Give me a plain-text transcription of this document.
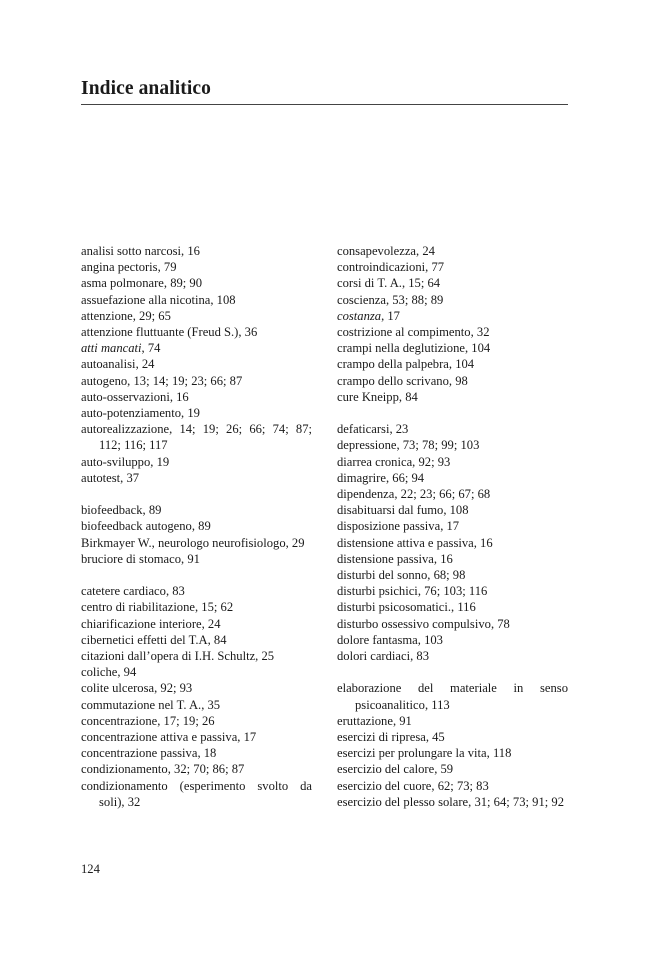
Indice analitico
analisi sotto narcosi, 16
angina pectoris, 79
asma polmonare, 89; 90
assuefazione alla nicotina, 108
attenzione, 29; 65
attenzione fluttuante (Freud S.), 36
atti mancati, 74
autoanalisi, 24
autogeno, 13; 14; 19; 23; 66; 87
auto-osservazioni, 16
auto-potenziamento, 19
autorealizzazione, 14; 19; 26; 66; 74; 87; 112; 116; 117
auto-sviluppo, 19
autotest, 37
biofeedback, 89
biofeedback autogeno, 89
Birkmayer W., neurologo neurofisiologo, 29
bruciore di stomaco, 91
catetere cardiaco, 83
centro di riabilitazione, 15; 62
chiarificazione interiore, 24
cibernetici effetti del T.A, 84
citazioni dall’opera di I.H. Schultz, 25
coliche, 94
colite ulcerosa, 92; 93
commutazione nel T. A., 35
concentrazione, 17; 19; 26
concentrazione attiva e passiva, 17
concentrazione passiva, 18
condizionamento, 32; 70; 86; 87
condizionamento (esperimento svolto da soli), 32
consapevolezza, 24
controindicazioni, 77
corsi di T. A., 15; 64
coscienza, 53; 88; 89
costanza, 17
costrizione al compimento, 32
crampi nella deglutizione, 104
crampo della palpebra, 104
crampo dello scrivano, 98
cure Kneipp, 84
defaticarsi, 23
depressione, 73; 78; 99; 103
diarrea cronica, 92; 93
dimagrire, 66; 94
dipendenza, 22; 23; 66; 67; 68
disabituarsi dal fumo, 108
disposizione passiva, 17
distensione attiva e passiva, 16
distensione passiva, 16
disturbi del sonno, 68; 98
disturbi psichici, 76; 103; 116
disturbi psicosomatici., 116
disturbo ossessivo compulsivo, 78
dolore fantasma, 103
dolori cardiaci, 83
elaborazione del materiale in senso psicoanalitico, 113
eruttazione, 91
esercizi di ripresa, 45
esercizi per prolungare la vita, 118
esercizio del calore, 59
esercizio del cuore, 62; 73; 83
esercizio del plesso solare, 31; 64; 73; 91; 92
124
